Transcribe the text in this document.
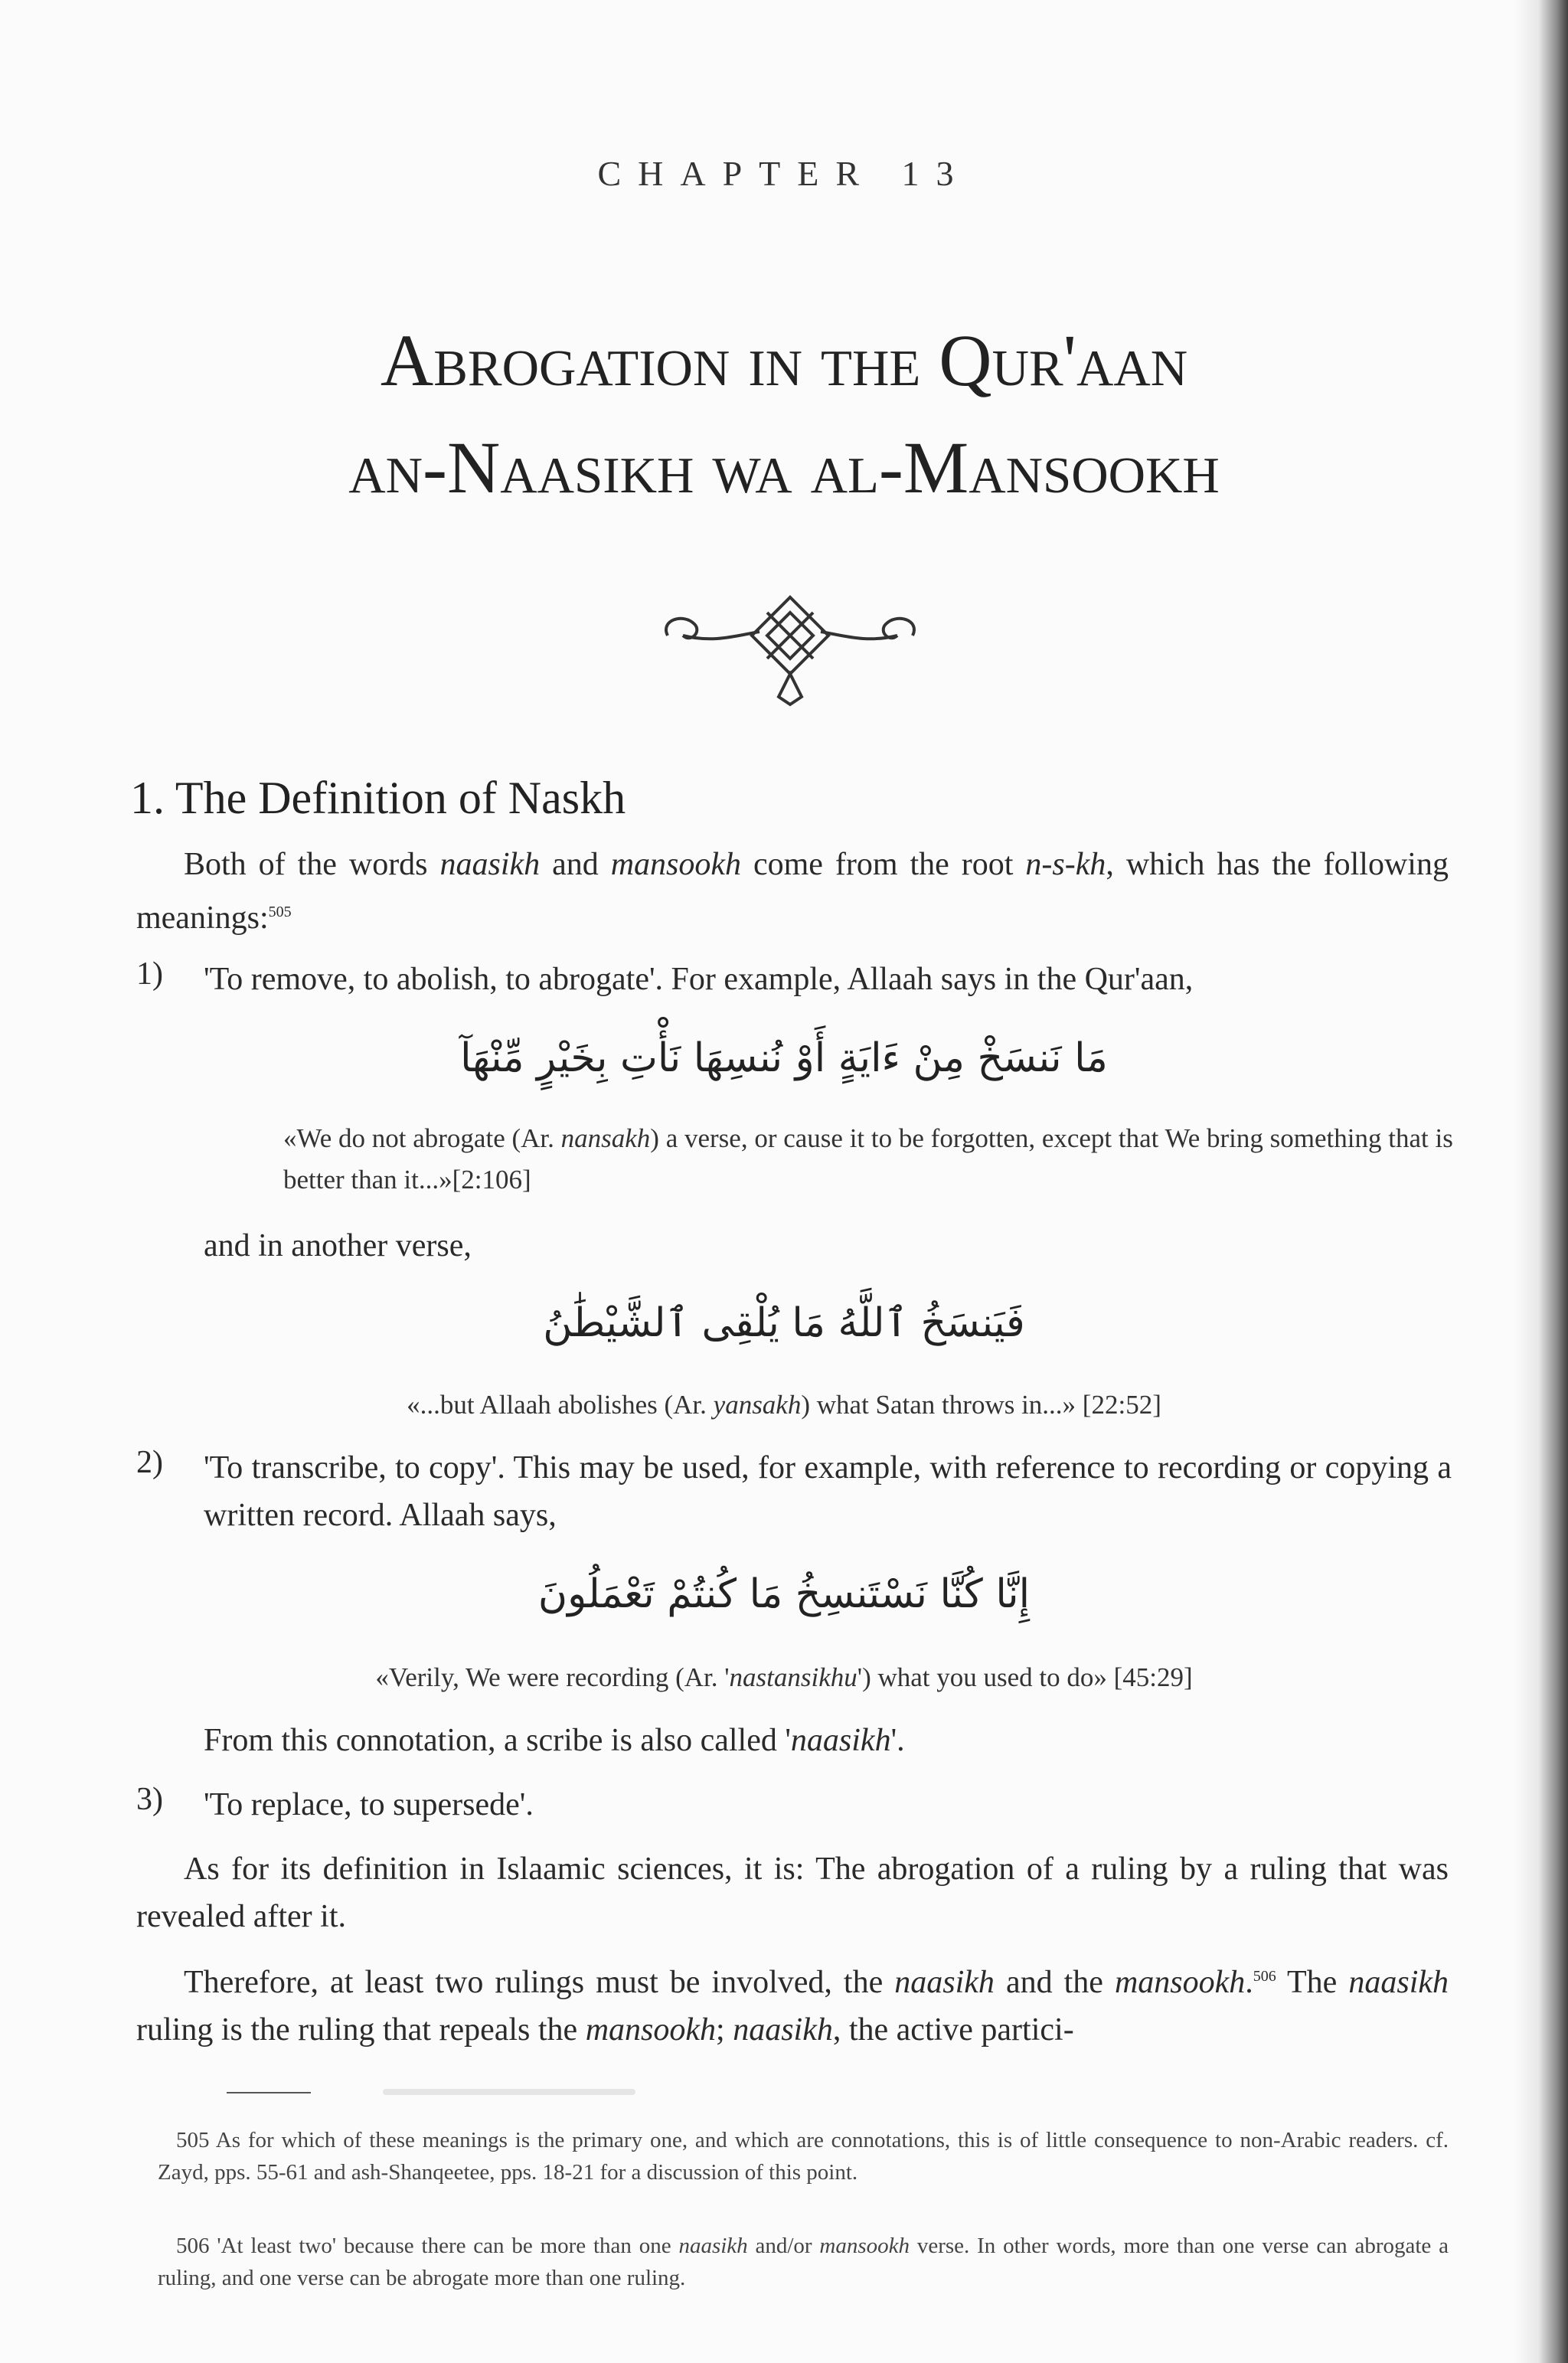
CHAPTER 13
Abrogation in the Qur'aan
an-Naasikh wa al-Mansookh
1. The Definition of Naskh
Both of the words naasikh and mansookh come from the root n-s-kh, which has the following meanings:$^{505}$
1) 'To remove, to abolish, to abrogate'. For example, Allaah says in the Qur'aan,
مَا نَنسَخْ مِنْ ءَايَةٍ أَوْ نُنسِهَا نَأْتِ بِخَيْرٍ مِّنْهَآ
«We do not abrogate (Ar. nansakh) a verse, or cause it to be forgotten, except that We bring something that is better than it...»[2:106]
and in another verse,
فَيَنسَخُ ٱللَّهُ مَا يُلْقِى ٱلشَّيْطَٰنُ
«...but Allaah abolishes (Ar. yansakh) what Satan throws in...» [22:52]
2) 'To transcribe, to copy'. This may be used, for example, with reference to recording or copying a written record. Allaah says,
إِنَّا كُنَّا نَسْتَنسِخُ مَا كُنتُمْ تَعْمَلُونَ
«Verily, We were recording (Ar. 'nastansikhu') what you used to do» [45:29]
From this connotation, a scribe is also called 'naasikh'.
3) 'To replace, to supersede'.
As for its definition in Islaamic sciences, it is: The abrogation of a ruling by a ruling that was revealed after it.
Therefore, at least two rulings must be involved, the naasikh and the mansookh.$^{506}$ The naasikh ruling is the ruling that repeals the mansookh; naasikh, the active partici-
505 As for which of these meanings is the primary one, and which are connotations, this is of little consequence to non-Arabic readers. cf. Zayd, pps. 55-61 and ash-Shanqeetee, pps. 18-21 for a discussion of this point.
506 'At least two' because there can be more than one naasikh and/or mansookh verse. In other words, more than one verse can abrogate a ruling, and one verse can be abrogate more than one ruling.
